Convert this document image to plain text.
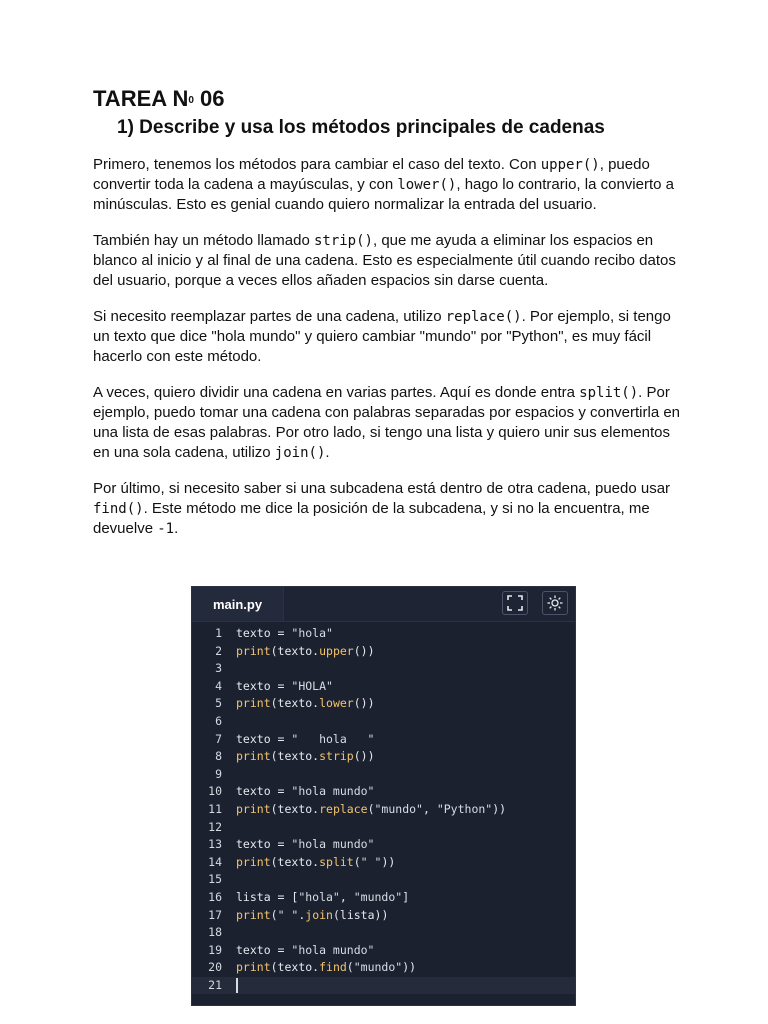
TAREA $N^0$ 06
1) Describe y usa los métodos principales de cadenas

Primero, tenemos los métodos para cambiar el caso del texto. Con upper(), puedo convertir toda la cadena a mayúsculas, y con lower(), hago lo contrario, la convierto a minúsculas. Esto es genial cuando quiero normalizar la entrada del usuario.

También hay un método llamado strip(), que me ayuda a eliminar los espacios en blanco al inicio y al final de una cadena. Esto es especialmente útil cuando recibo datos del usuario, porque a veces ellos añaden espacios sin darse cuenta.

Si necesito reemplazar partes de una cadena, utilizo replace(). Por ejemplo, si tengo un texto que dice "hola mundo" y quiero cambiar "mundo" por "Python", es muy fácil hacerlo con este método.

A veces, quiero dividir una cadena en varias partes. Aquí es donde entra split(). Por ejemplo, puedo tomar una cadena con palabras separadas por espacios y convertirla en una lista de esas palabras. Por otro lado, si tengo una lista y quiero unir sus elementos en una sola cadena, utilizo join().

Por último, si necesito saber si una subcadena está dentro de otra cadena, puedo usar find(). Este método me dice la posición de la subcadena, y si no la encuentra, me devuelve -1.

main.py
1	texto = "hola"
2	print(texto.upper())
3
4	texto = "HOLA"
5	print(texto.lower())
6
7	texto = "   hola   "
8	print(texto.strip())
9
10	texto = "hola mundo"
11	print(texto.replace("mundo", "Python"))
12
13	texto = "hola mundo"
14	print(texto.split(" "))
15
16	lista = ["hola", "mundo"]
17	print(" ".join(lista))
18
19	texto = "hola mundo"
20	print(texto.find("mundo"))
21
